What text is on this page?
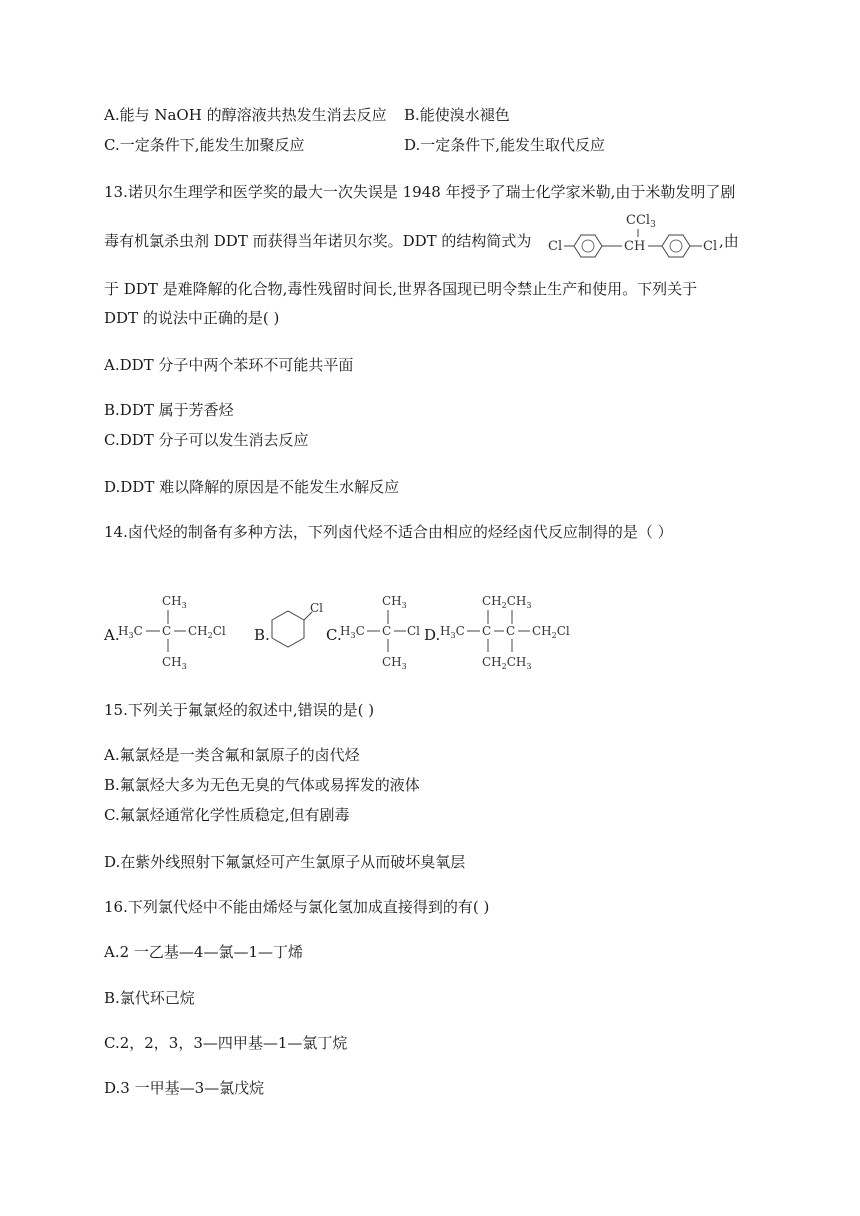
A.能与 NaOH 的醇溶液共热发生消去反应 B.能使溴水褪色
C.一定条件下,能发生加聚反应	D.一定条件下,能发生取代反应
13.诺贝尔生理学和医学奖的最大一次失误是 1948 年授予了瑞士化学家米勒,由于米勒发明了剧
毒有机氯杀虫剂 DDT 而获得当年诺贝尔奖。DDT 的结构简式为
CCl$_3$
Cl	CH	Cl ,由
于 DDT 是难降解的化合物,毒性残留时间长,世界各国现已明令禁止生产和使用。下列关于
DDT 的说法中正确的是( )
A.DDT 分子中两个苯环不可能共平面
B.DDT 属于芳香烃
C.DDT 分子可以发生消去反应
D.DDT 难以降解的原因是不能发生水解反应
14.卤代烃的制备有多种方法，下列卤代烃不适合由相应的烃经卤代反应制得的是（ ）
A.
$CH_3$
$H_3C$ C $CH_2Cl$
$CH_3$
B.
Cl
C.
$CH_3$
$H_3C$ C Cl
$CH_3$
D.
$CH_2CH_3$
$H_3C$ C C $CH_2Cl$
$CH_2CH_3$
15.下列关于氟氯烃的叙述中,错误的是( )
A.氟氯烃是一类含氟和氯原子的卤代烃
B.氟氯烃大多为无色无臭的气体或易挥发的液体
C.氟氯烃通常化学性质稳定,但有剧毒
D.在紫外线照射下氟氯烃可产生氯原子从而破坏臭氧层
16.下列氯代烃中不能由烯烃与氯化氢加成直接得到的有( )
A.2 一乙基—4—氯—1—丁烯
B.氯代环己烷
C.2，2，3，3—四甲基—1—氯丁烷
D.3 一甲基—3—氯戊烷
